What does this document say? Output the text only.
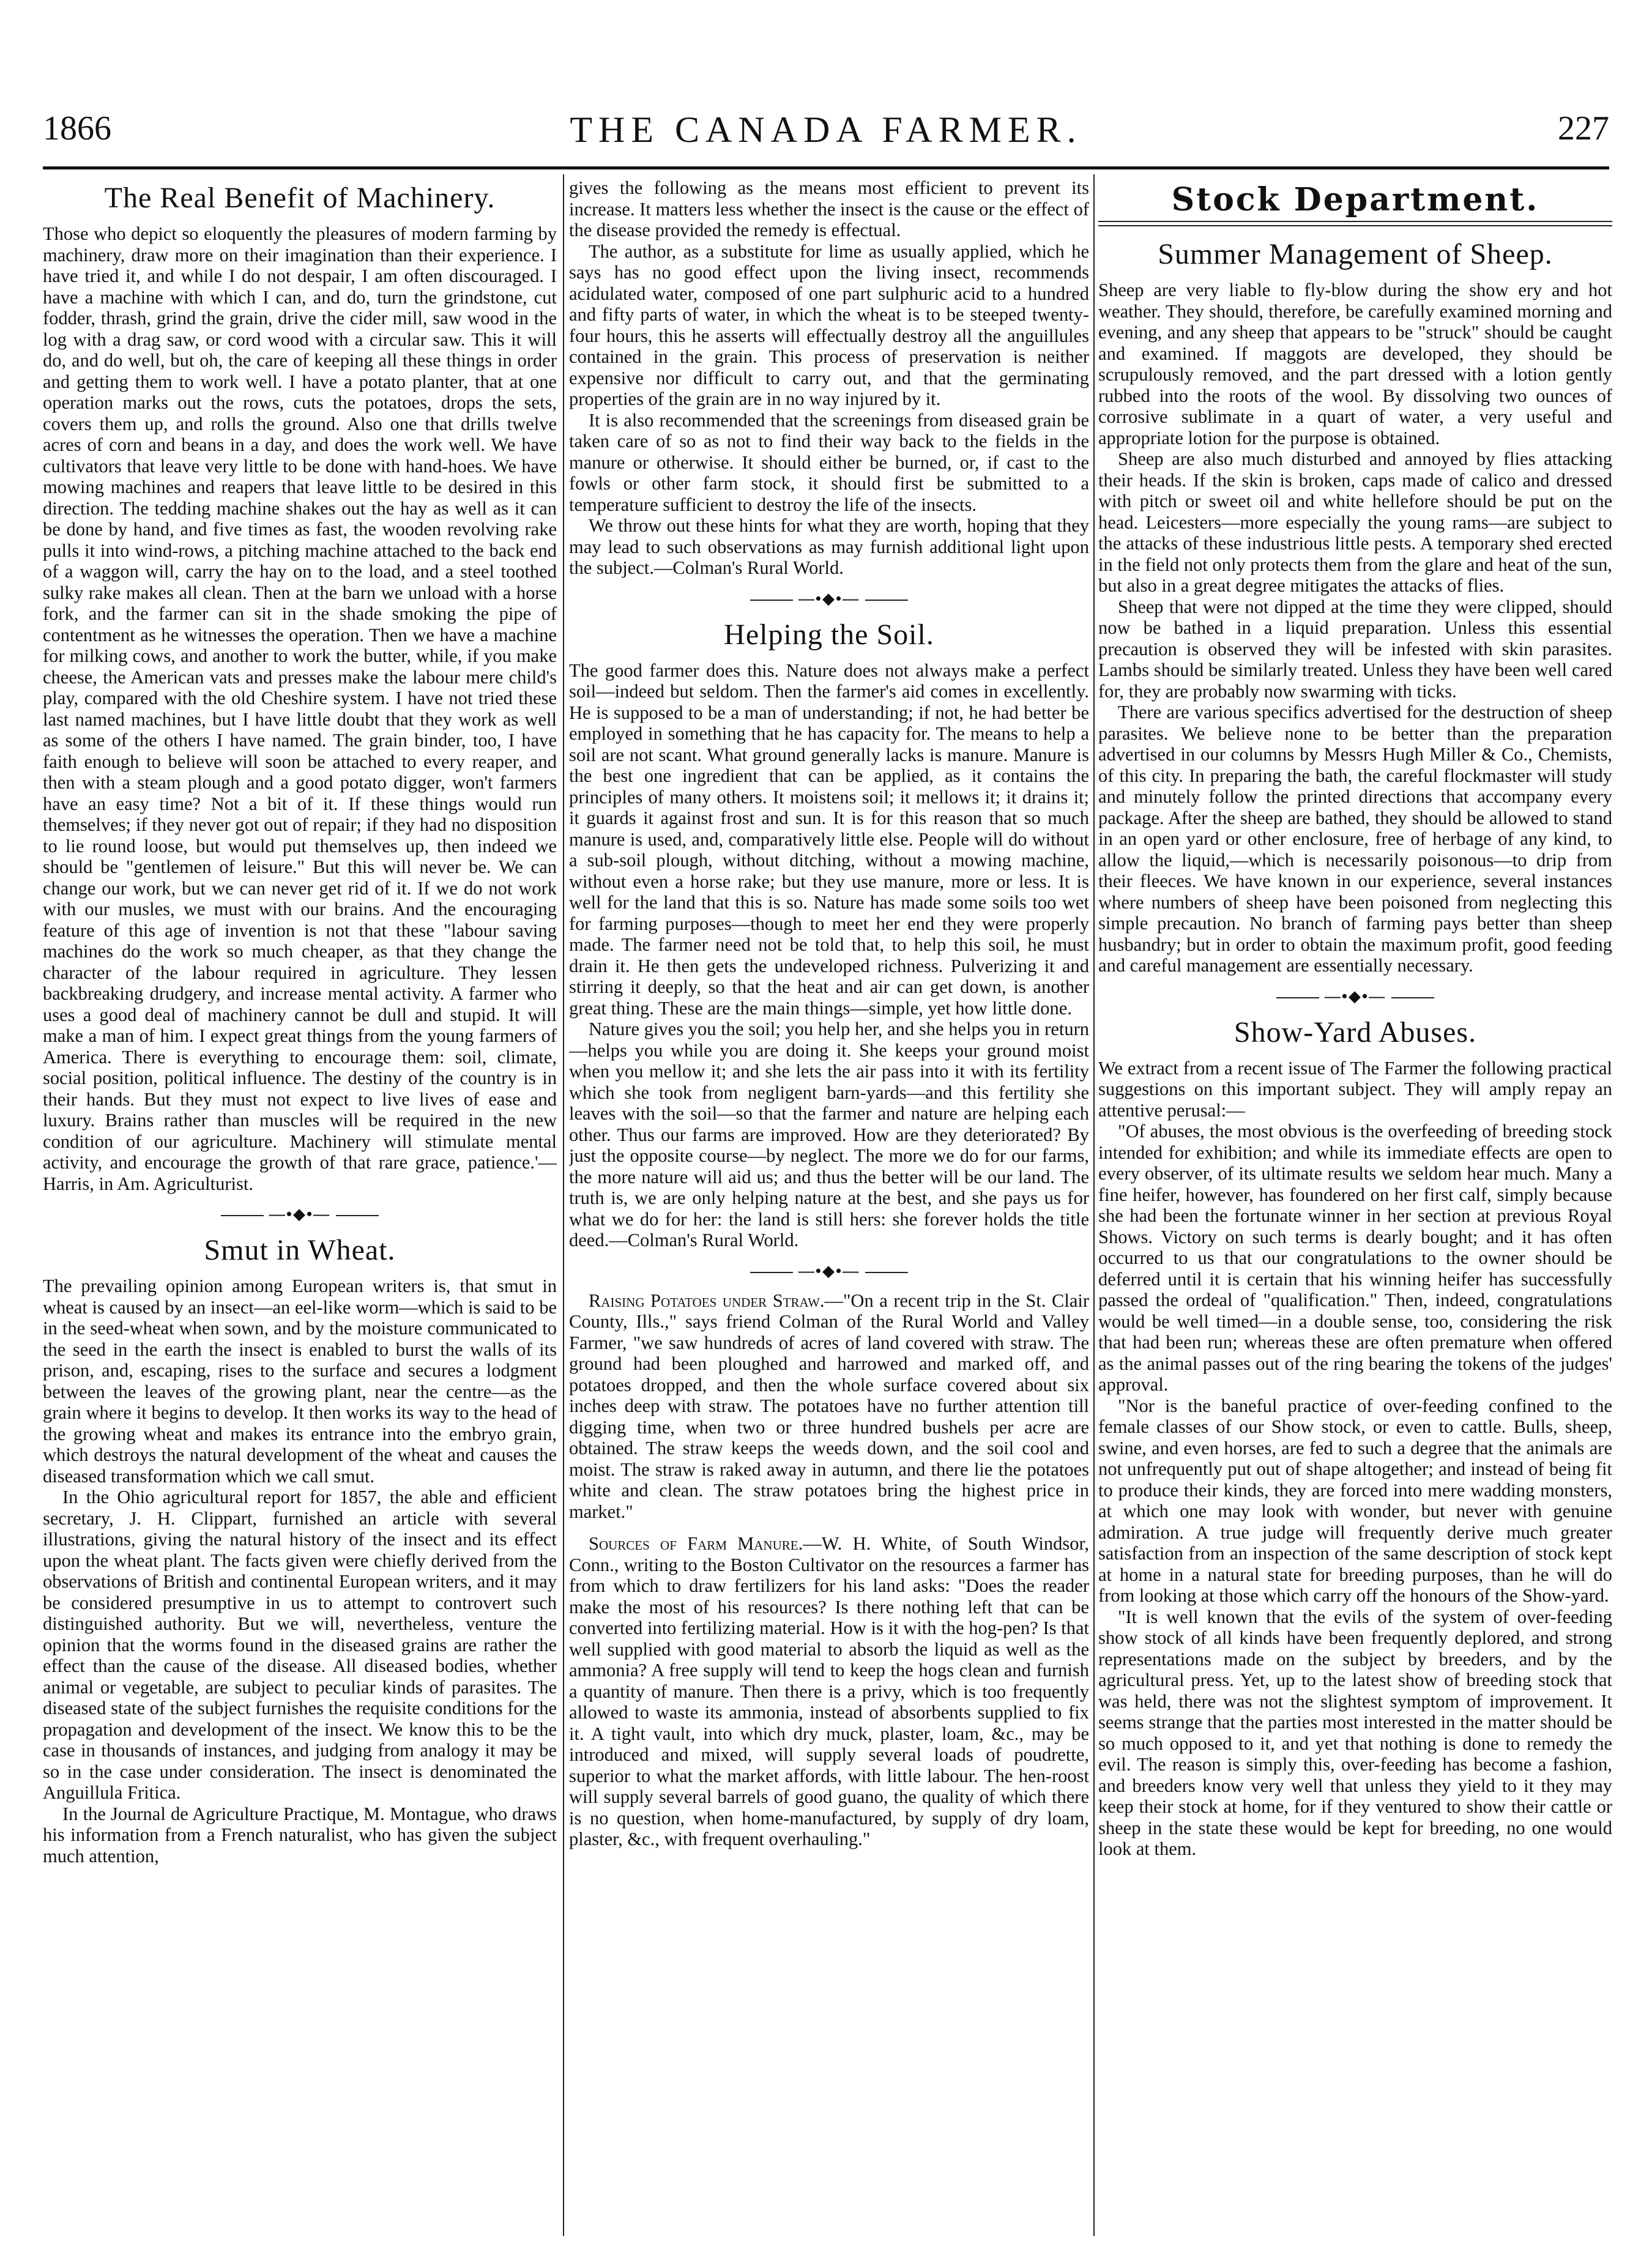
1866	THE CANADA FARMER.	227
The Real Benefit of Machinery.

Those who depict so eloquently the pleasures of modern farming by machinery, draw more on their imagination than their experience. I have tried it, and while I do not despair, I am often discouraged. I have a machine with which I can, and do, turn the grindstone, cut fodder, thrash, grind the grain, drive the cider mill, saw wood in the log with a drag saw, or cord wood with a circular saw. This it will do, and do well, but oh, the care of keeping all these things in order and getting them to work well. I have a potato planter, that at one operation marks out the rows, cuts the potatoes, drops the sets, covers them up, and rolls the ground. Also one that drills twelve acres of corn and beans in a day, and does the work well. We have cultivators that leave very little to be done with hand-hoes. We have mowing machines and reapers that leave little to be desired in this direction. The tedding machine shakes out the hay as well as it can be done by hand, and five times as fast, the wooden revolving rake pulls it into wind-rows, a pitching machine attached to the back end of a waggon will, carry the hay on to the load, and a steel toothed sulky rake makes all clean. Then at the barn we unload with a horse fork, and the farmer can sit in the shade smoking the pipe of contentment as he witnesses the operation. Then we have a machine for milking cows, and another to work the butter, while, if you make cheese, the American vats and presses make the labour mere child's play, compared with the old Cheshire system. I have not tried these last named machines, but I have little doubt that they work as well as some of the others I have named. The grain binder, too, I have faith enough to believe will soon be attached to every reaper, and then with a steam plough and a good potato digger, won't farmers have an easy time? Not a bit of it. If these things would run themselves; if they never got out of repair; if they had no disposition to lie round loose, but would put themselves up, then indeed we should be "gentlemen of leisure." But this will never be. We can change our work, but we can never get rid of it. If we do not work with our musles, we must with our brains. And the encouraging feature of this age of invention is not that these "labour saving machines do the work so much cheaper, as that they change the character of the labour required in agriculture. They lessen backbreaking drudgery, and increase mental activity. A farmer who uses a good deal of machinery cannot be dull and stupid. It will make a man of him. I expect great things from the young farmers of America. There is everything to encourage them: soil, climate, social position, political influence. The destiny of the country is in their hands. But they must not expect to live lives of ease and luxury. Brains rather than muscles will be required in the new condition of our agriculture. Machinery will stimulate mental activity, and encourage the growth of that rare grace, patience.'—Harris, in Am. Agriculturist.

—•◆•—
Smut in Wheat.

The prevailing opinion among European writers is, that smut in wheat is caused by an insect—an eel-like worm—which is said to be in the seed-wheat when sown, and by the moisture communicated to the seed in the earth the insect is enabled to burst the walls of its prison, and, escaping, rises to the surface and secures a lodgment between the leaves of the growing plant, near the centre—as the grain where it begins to develop. It then works its way to the head of the growing wheat and makes its entrance into the embryo grain, which destroys the natural development of the wheat and causes the diseased transformation which we call smut.

In the Ohio agricultural report for 1857, the able and efficient secretary, J. H. Clippart, furnished an article with several illustrations, giving the natural history of the insect and its effect upon the wheat plant. The facts given were chiefly derived from the observations of British and continental European writers, and it may be considered presumptive in us to attempt to controvert such distinguished authority. But we will, nevertheless, venture the opinion that the worms found in the diseased grains are rather the effect than the cause of the disease. All diseased bodies, whether animal or vegetable, are subject to peculiar kinds of parasites. The diseased state of the subject furnishes the requisite conditions for the propagation and development of the insect. We know this to be the case in thousands of instances, and judging from analogy it may be so in the case under consideration. The insect is denominated the Anguillula Fritica.

In the Journal de Agriculture Practique, M. Montague, who draws his information from a French naturalist, who has given the subject much attention,

gives the following as the means most efficient to prevent its increase. It matters less whether the insect is the cause or the effect of the disease provided the remedy is effectual.

The author, as a substitute for lime as usually applied, which he says has no good effect upon the living insect, recommends acidulated water, composed of one part sulphuric acid to a hundred and fifty parts of water, in which the wheat is to be steeped twenty-four hours, this he asserts will effectually destroy all the anguillules contained in the grain. This process of preservation is neither expensive nor difficult to carry out, and that the germinating properties of the grain are in no way injured by it.

It is also recommended that the screenings from diseased grain be taken care of so as not to find their way back to the fields in the manure or otherwise. It should either be burned, or, if cast to the fowls or other farm stock, it should first be submitted to a temperature sufficient to destroy the life of the insects.

We throw out these hints for what they are worth, hoping that they may lead to such observations as may furnish additional light upon the subject.—Colman's Rural World.

—•◆•—
Helping the Soil.

The good farmer does this. Nature does not always make a perfect soil—indeed but seldom. Then the farmer's aid comes in excellently. He is supposed to be a man of understanding; if not, he had better be employed in something that he has capacity for. The means to help a soil are not scant. What ground generally lacks is manure. Manure is the best one ingredient that can be applied, as it contains the principles of many others. It moistens soil; it mellows it; it drains it; it guards it against frost and sun. It is for this reason that so much manure is used, and, comparatively little else. People will do without a sub-soil plough, without ditching, without a mowing machine, without even a horse rake; but they use manure, more or less. It is well for the land that this is so. Nature has made some soils too wet for farming purposes—though to meet her end they were properly made. The farmer need not be told that, to help this soil, he must drain it. He then gets the undeveloped richness. Pulverizing it and stirring it deeply, so that the heat and air can get down, is another great thing. These are the main things—simple, yet how little done.

Nature gives you the soil; you help her, and she helps you in return—helps you while you are doing it. She keeps your ground moist when you mellow it; and she lets the air pass into it with its fertility which she took from negligent barn-yards—and this fertility she leaves with the soil—so that the farmer and nature are helping each other. Thus our farms are improved. How are they deteriorated? By just the opposite course—by neglect. The more we do for our farms, the more nature will aid us; and thus the better will be our land. The truth is, we are only helping nature at the best, and she pays us for what we do for her: the land is still hers: she forever holds the title deed.—Colman's Rural World.

—•◆•—

Raising Potatoes under Straw.—"On a recent trip in the St. Clair County, Ills.," says friend Colman of the Rural World and Valley Farmer, "we saw hundreds of acres of land covered with straw. The ground had been ploughed and harrowed and marked off, and potatoes dropped, and then the whole surface covered about six inches deep with straw. The potatoes have no further attention till digging time, when two or three hundred bushels per acre are obtained. The straw keeps the weeds down, and the soil cool and moist. The straw is raked away in autumn, and there lie the potatoes white and clean. The straw potatoes bring the highest price in market."

Sources of Farm Manure.—W. H. White, of South Windsor, Conn., writing to the Boston Cultivator on the resources a farmer has from which to draw fertilizers for his land asks: "Does the reader make the most of his resources? Is there nothing left that can be converted into fertilizing material. How is it with the hog-pen? Is that well supplied with good material to absorb the liquid as well as the ammonia? A free supply will tend to keep the hogs clean and furnish a quantity of manure. Then there is a privy, which is too frequently allowed to waste its ammonia, instead of absorbents supplied to fix it. A tight vault, into which dry muck, plaster, loam, &c., may be introduced and mixed, will supply several loads of poudrette, superior to what the market affords, with little labour. The hen-roost will supply several barrels of good guano, the quality of which there is no question, when home-manufactured, by supply of dry loam, plaster, &c., with frequent overhauling."

Stock Department.
Summer Management of Sheep.

Sheep are very liable to fly-blow during the show ery and hot weather. They should, therefore, be carefully examined morning and evening, and any sheep that appears to be "struck" should be caught and examined. If maggots are developed, they should be scrupulously removed, and the part dressed with a lotion gently rubbed into the roots of the wool. By dissolving two ounces of corrosive sublimate in a quart of water, a very useful and appropriate lotion for the purpose is obtained.

Sheep are also much disturbed and annoyed by flies attacking their heads. If the skin is broken, caps made of calico and dressed with pitch or sweet oil and white hellefore should be put on the head. Leicesters—more especially the young rams—are subject to the attacks of these industrious little pests. A temporary shed erected in the field not only protects them from the glare and heat of the sun, but also in a great degree mitigates the attacks of flies.

Sheep that were not dipped at the time they were clipped, should now be bathed in a liquid preparation. Unless this essential precaution is observed they will be infested with skin parasites. Lambs should be similarly treated. Unless they have been well cared for, they are probably now swarming with ticks.

There are various specifics advertised for the destruction of sheep parasites. We believe none to be better than the preparation advertised in our columns by Messrs Hugh Miller & Co., Chemists, of this city. In preparing the bath, the careful flockmaster will study and minutely follow the printed directions that accompany every package. After the sheep are bathed, they should be allowed to stand in an open yard or other enclosure, free of herbage of any kind, to allow the liquid,—which is necessarily poisonous—to drip from their fleeces. We have known in our experience, several instances where numbers of sheep have been poisoned from neglecting this simple precaution. No branch of farming pays better than sheep husbandry; but in order to obtain the maximum profit, good feeding and careful management are essentially necessary.

—•◆•—
Show-Yard Abuses.

We extract from a recent issue of The Farmer the following practical suggestions on this important subject. They will amply repay an attentive perusal:—

"Of abuses, the most obvious is the overfeeding of breeding stock intended for exhibition; and while its immediate effects are open to every observer, of its ultimate results we seldom hear much. Many a fine heifer, however, has foundered on her first calf, simply because she had been the fortunate winner in her section at previous Royal Shows. Victory on such terms is dearly bought; and it has often occurred to us that our congratulations to the owner should be deferred until it is certain that his winning heifer has successfully passed the ordeal of "qualification." Then, indeed, congratulations would be well timed—in a double sense, too, considering the risk that had been run; whereas these are often premature when offered as the animal passes out of the ring bearing the tokens of the judges' approval.

"Nor is the baneful practice of over-feeding confined to the female classes of our Show stock, or even to cattle. Bulls, sheep, swine, and even horses, are fed to such a degree that the animals are not unfrequently put out of shape altogether; and instead of being fit to produce their kinds, they are forced into mere wadding monsters, at which one may look with wonder, but never with genuine admiration. A true judge will frequently derive much greater satisfaction from an inspection of the same description of stock kept at home in a natural state for breeding purposes, than he will do from looking at those which carry off the honours of the Show-yard.

"It is well known that the evils of the system of over-feeding show stock of all kinds have been frequently deplored, and strong representations made on the subject by breeders, and by the agricultural press. Yet, up to the latest show of breeding stock that was held, there was not the slightest symptom of improvement. It seems strange that the parties most interested in the matter should be so much opposed to it, and yet that nothing is done to remedy the evil. The reason is simply this, over-feeding has become a fashion, and breeders know very well that unless they yield to it they may keep their stock at home, for if they ventured to show their cattle or sheep in the state these would be kept for breeding, no one would look at them.
